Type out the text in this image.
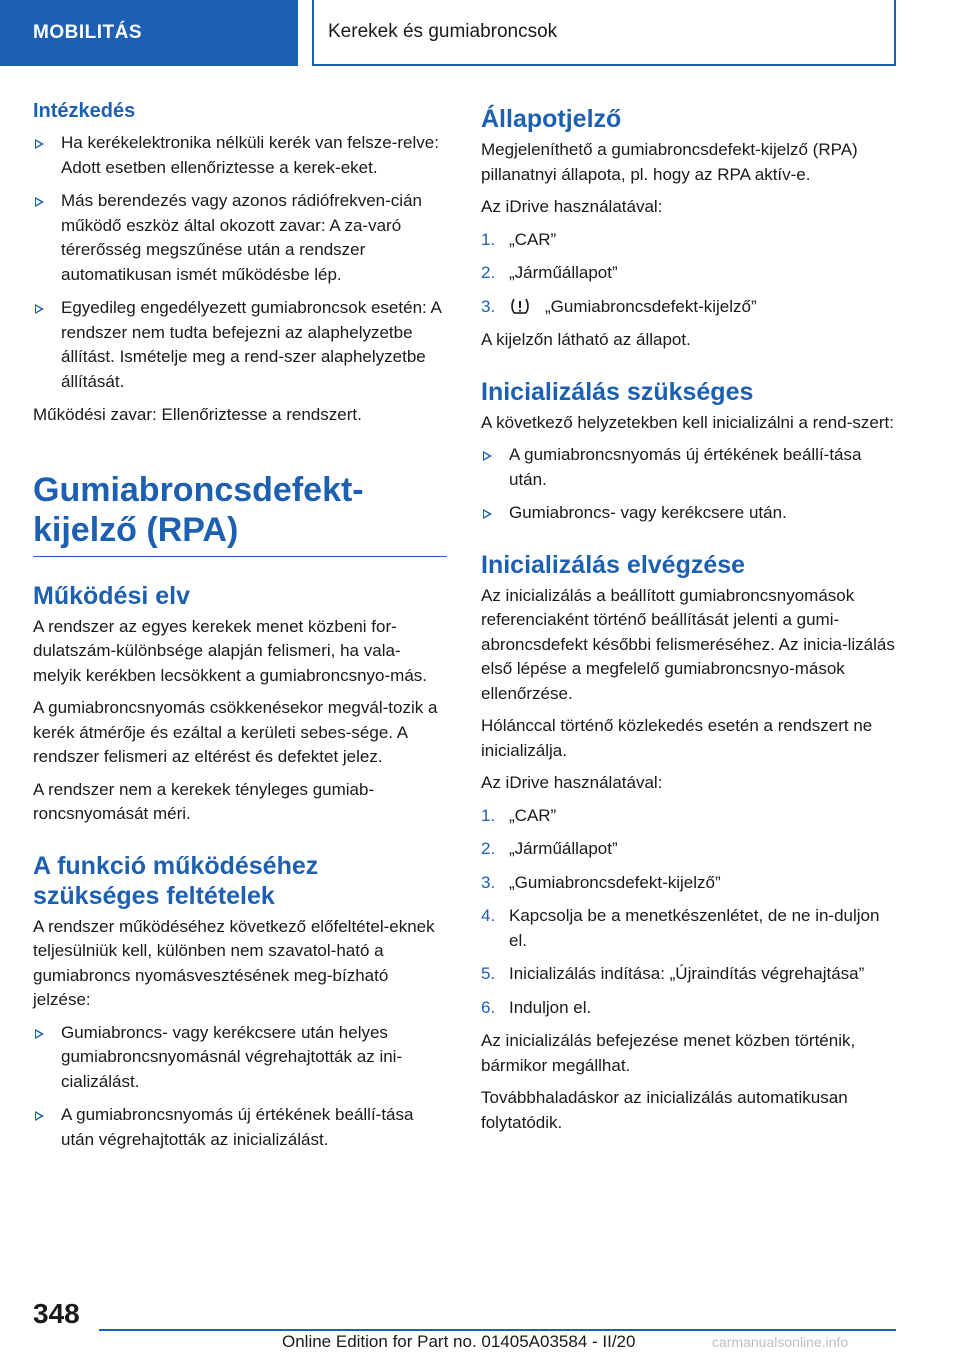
MOBILITÁS	Kerekek és gumiabroncsok
Intézkedés
Ha kerékelektronika nélküli kerék van felsze-relve: Adott esetben ellenőriztesse a kerek-eket.
Más berendezés vagy azonos rádiófrekven-cián működő eszköz által okozott zavar: A za-varó térerősség megszűnése után a rendszer automatikusan ismét működésbe lép.
Egyedileg engedélyezett gumiabroncsok esetén: A rendszer nem tudta befejezni az alaphelyzetbe állítást. Ismételje meg a rend-szer alaphelyzetbe állítását.

Működési zavar: Ellenőriztesse a rendszert.

Gumiabroncsdefekt-kijelző (RPA)
Működési elv

A rendszer az egyes kerekek menet közbeni for-dulatszám-különbsége alapján felismeri, ha vala-melyik kerékben lecsökkent a gumiabroncsnyo-más.

A gumiabroncsnyomás csökkenésekor megvál-tozik a kerék átmérője és ezáltal a kerületi sebes-sége. A rendszer felismeri az eltérést és defektet jelez.

A rendszer nem a kerekek tényleges gumiab-roncsnyomását méri.

A funkció működéséhez szükséges feltételek

A rendszer működéséhez következő előfeltétel-eknek teljesülniük kell, különben nem szavatol-ható a gumiabroncs nyomásvesztésének meg-bízható jelzése:

Gumiabroncs- vagy kerékcsere után helyes gumiabroncsnyomásnál végrehajtották az ini-cializálást.
A gumiabroncsnyomás új értékének beállí-tása után végrehajtották az inicializálást.
Állapotjelző

Megjeleníthető a gumiabroncsdefekt-kijelző (RPA) pillanatnyi állapota, pl. hogy az RPA aktív-e.

Az iDrive használatával:

1. „CAR”
2. „Járműállapot”
3.	„Gumiabroncsdefekt-kijelző”

A kijelzőn látható az állapot.

Inicializálás szükséges

A következő helyzetekben kell inicializálni a rend-szert:

A gumiabroncsnyomás új értékének beállí-tása után.
Gumiabroncs- vagy kerékcsere után.
Inicializálás elvégzése

Az inicializálás a beállított gumiabroncsnyomások referenciaként történő beállítását jelenti a gumi-abroncsdefekt későbbi felismeréséhez. Az inicia-lizálás első lépése a megfelelő gumiabroncsnyo-mások ellenőrzése.

Hólánccal történő közlekedés esetén a rendszert ne inicializálja.

Az iDrive használatával:

1. „CAR”
2. „Járműállapot”
3. „Gumiabroncsdefekt-kijelző”
4. Kapcsolja be a menetkészenlétet, de ne in-duljon el.
5. Inicializálás indítása: „Újraindítás végrehajtása”
6. Induljon el.

Az inicializálás befejezése menet közben történik, bármikor megállhat.

Továbbhaladáskor az inicializálás automatikusan folytatódik.

348
Online Edition for Part no. 01405A03584 - II/20	carmanualsonline.info
